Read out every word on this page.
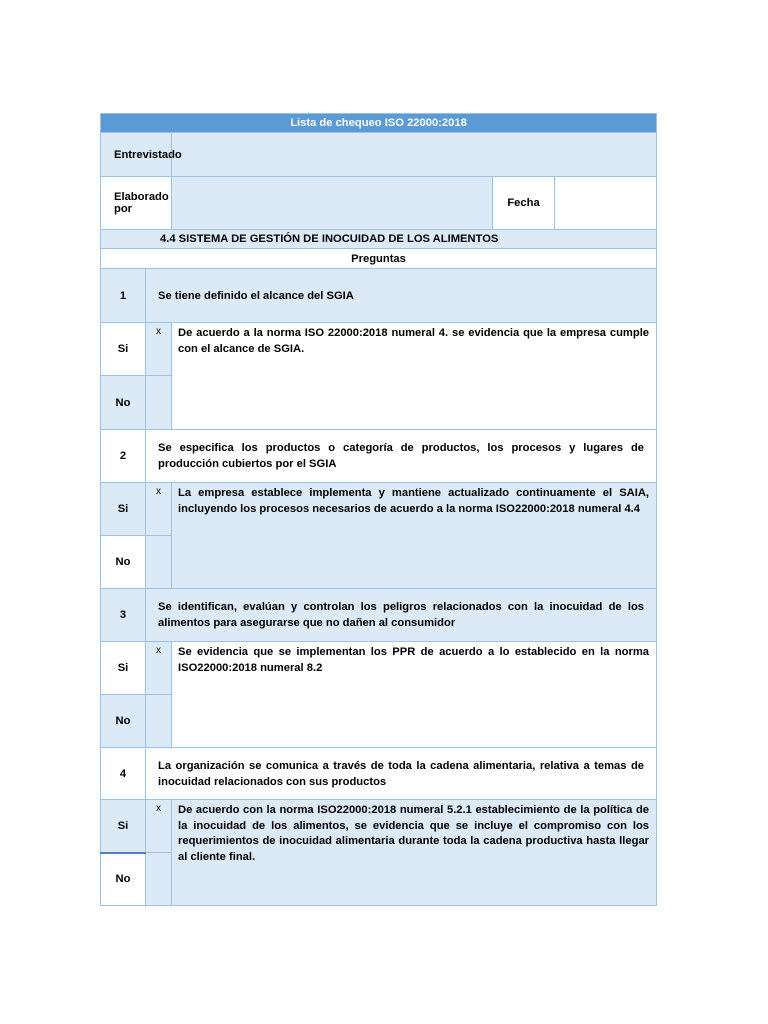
Lista de chequeo ISO 22000:2018				
Entrevistado				
Elaborado por			Fecha	
4.4 SISTEMA DE GESTIÓN DE INOCUIDAD DE LOS ALIMENTOS				
Preguntas				
1	Se tiene definido el alcance del SGIA			
Si	x	De acuerdo a la norma ISO 22000:2018 numeral 4. se evidencia que la empresa cumple con el alcance de SGIA.		
No				
2	Se especifica los productos o categoría de productos, los procesos y lugares de producción cubiertos por el SGIA			
Si	x	La empresa establece implementa y mantiene actualizado continuamente el SAIA, incluyendo los procesos necesarios de acuerdo a la norma ISO22000:2018 numeral 4.4		
No				
3	Se identifican, evalúan y controlan los peligros relacionados con la inocuidad de los alimentos para asegurarse que no dañen al consumidor			
Si	x	Se evidencia que se implementan los PPR de acuerdo a lo establecido en la norma ISO22000:2018 numeral 8.2		
No				
4	La organización se comunica a través de toda la cadena alimentaria, relativa a temas de inocuidad relacionados con sus productos			
Si	x	De acuerdo con la norma ISO22000:2018 numeral 5.2.1 establecimiento de la política de la inocuidad de los alimentos, se evidencia que se incluye el compromiso con los requerimientos de inocuidad alimentaria durante toda la cadena productiva hasta llegar al cliente final.		
No				
